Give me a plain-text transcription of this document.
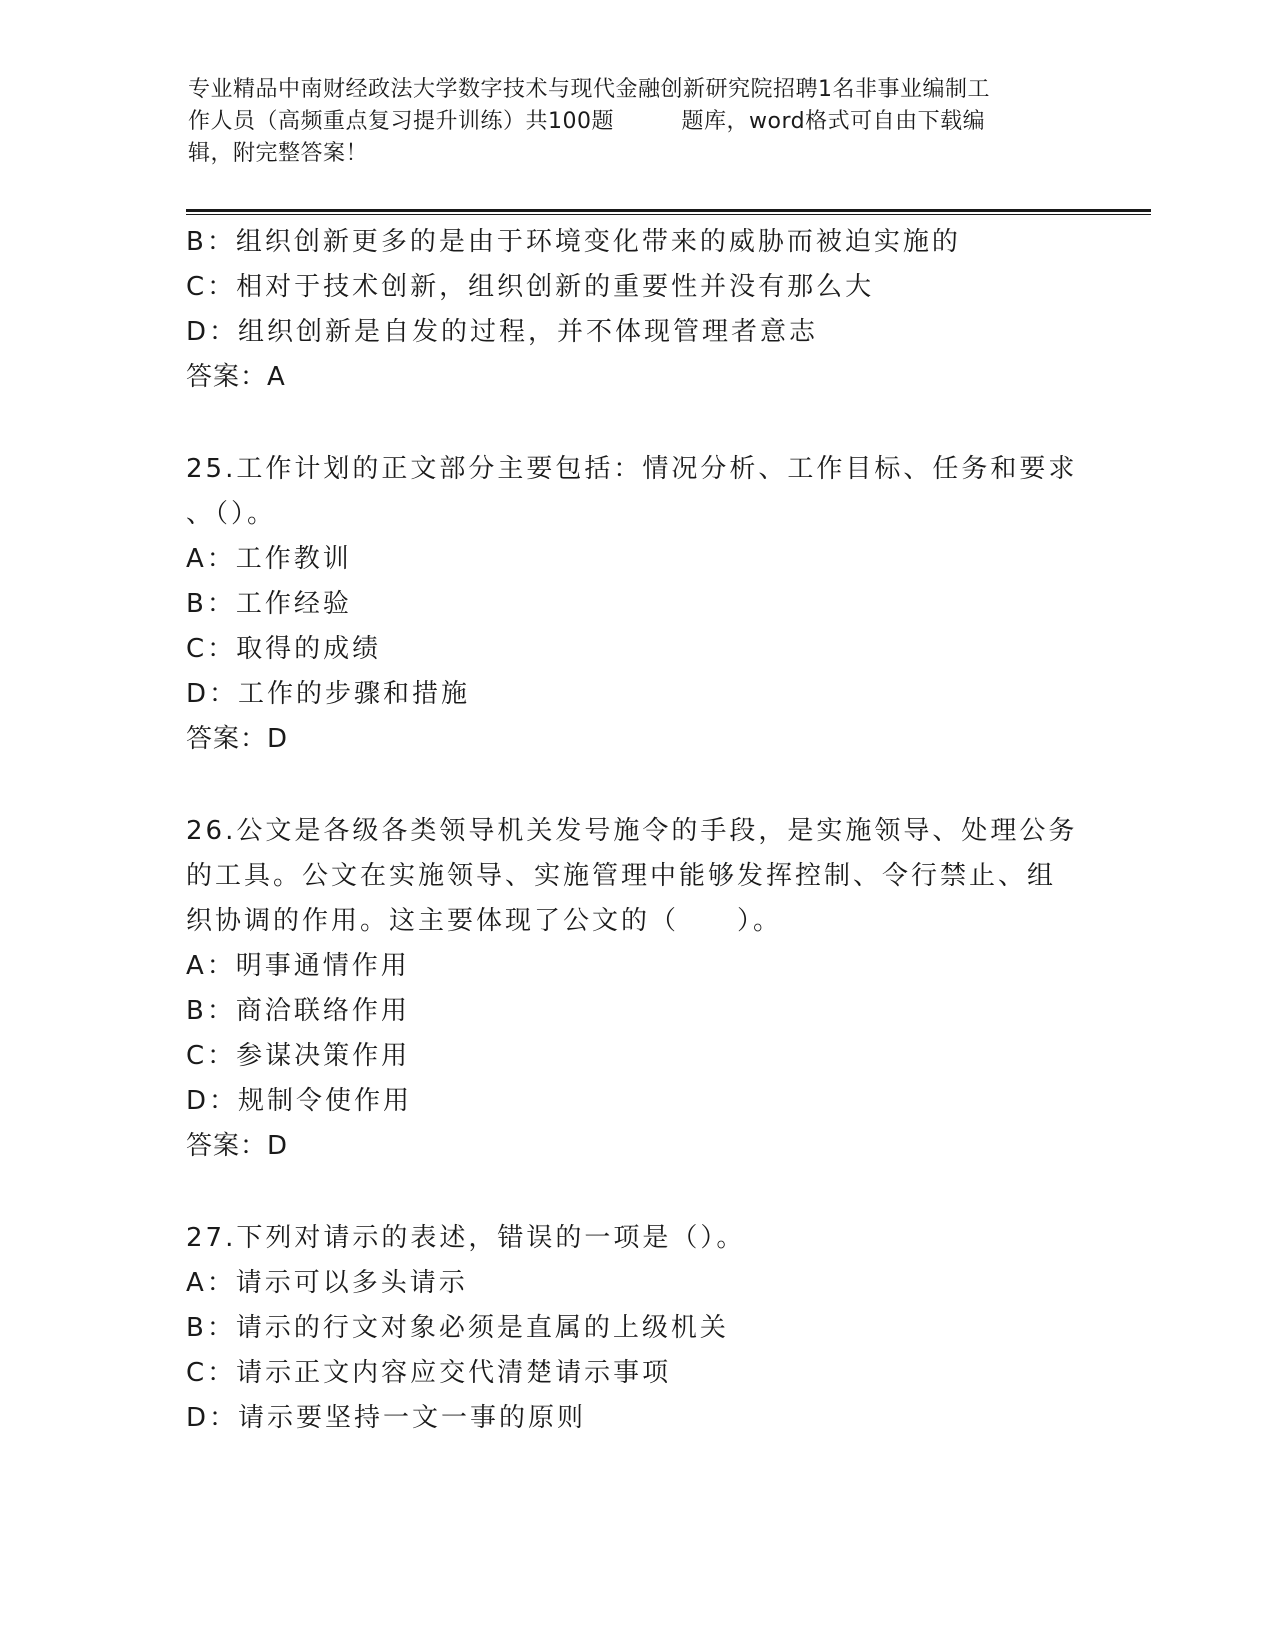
专业精品中南财经政法大学数字技术与现代金融创新研究院招聘1名非事业编制工
作人员（高频重点复习提升训练）共100题　　　题库，word格式可自由下载编
辑，附完整答案！
B：组织创新更多的是由于环境变化带来的威胁而被迫实施的
C：相对于技术创新，组织创新的重要性并没有那么大
D：组织创新是自发的过程，并不体现管理者意志
答案：A
25.工作计划的正文部分主要包括：情况分析、工作目标、任务和要求
、（）。
A：工作教训
B：工作经验
C：取得的成绩
D：工作的步骤和措施
答案：D
26.公文是各级各类领导机关发号施令的手段，是实施领导、处理公务
的工具。公文在实施领导、实施管理中能够发挥控制、令行禁止、组
织协调的作用。这主要体现了公文的（　　）。
A：明事通情作用
B：商洽联络作用
C：参谋决策作用
D：规制令使作用
答案：D
27.下列对请示的表述，错误的一项是（）。
A：请示可以多头请示
B：请示的行文对象必须是直属的上级机关
C：请示正文内容应交代清楚请示事项
D：请示要坚持一文一事的原则
